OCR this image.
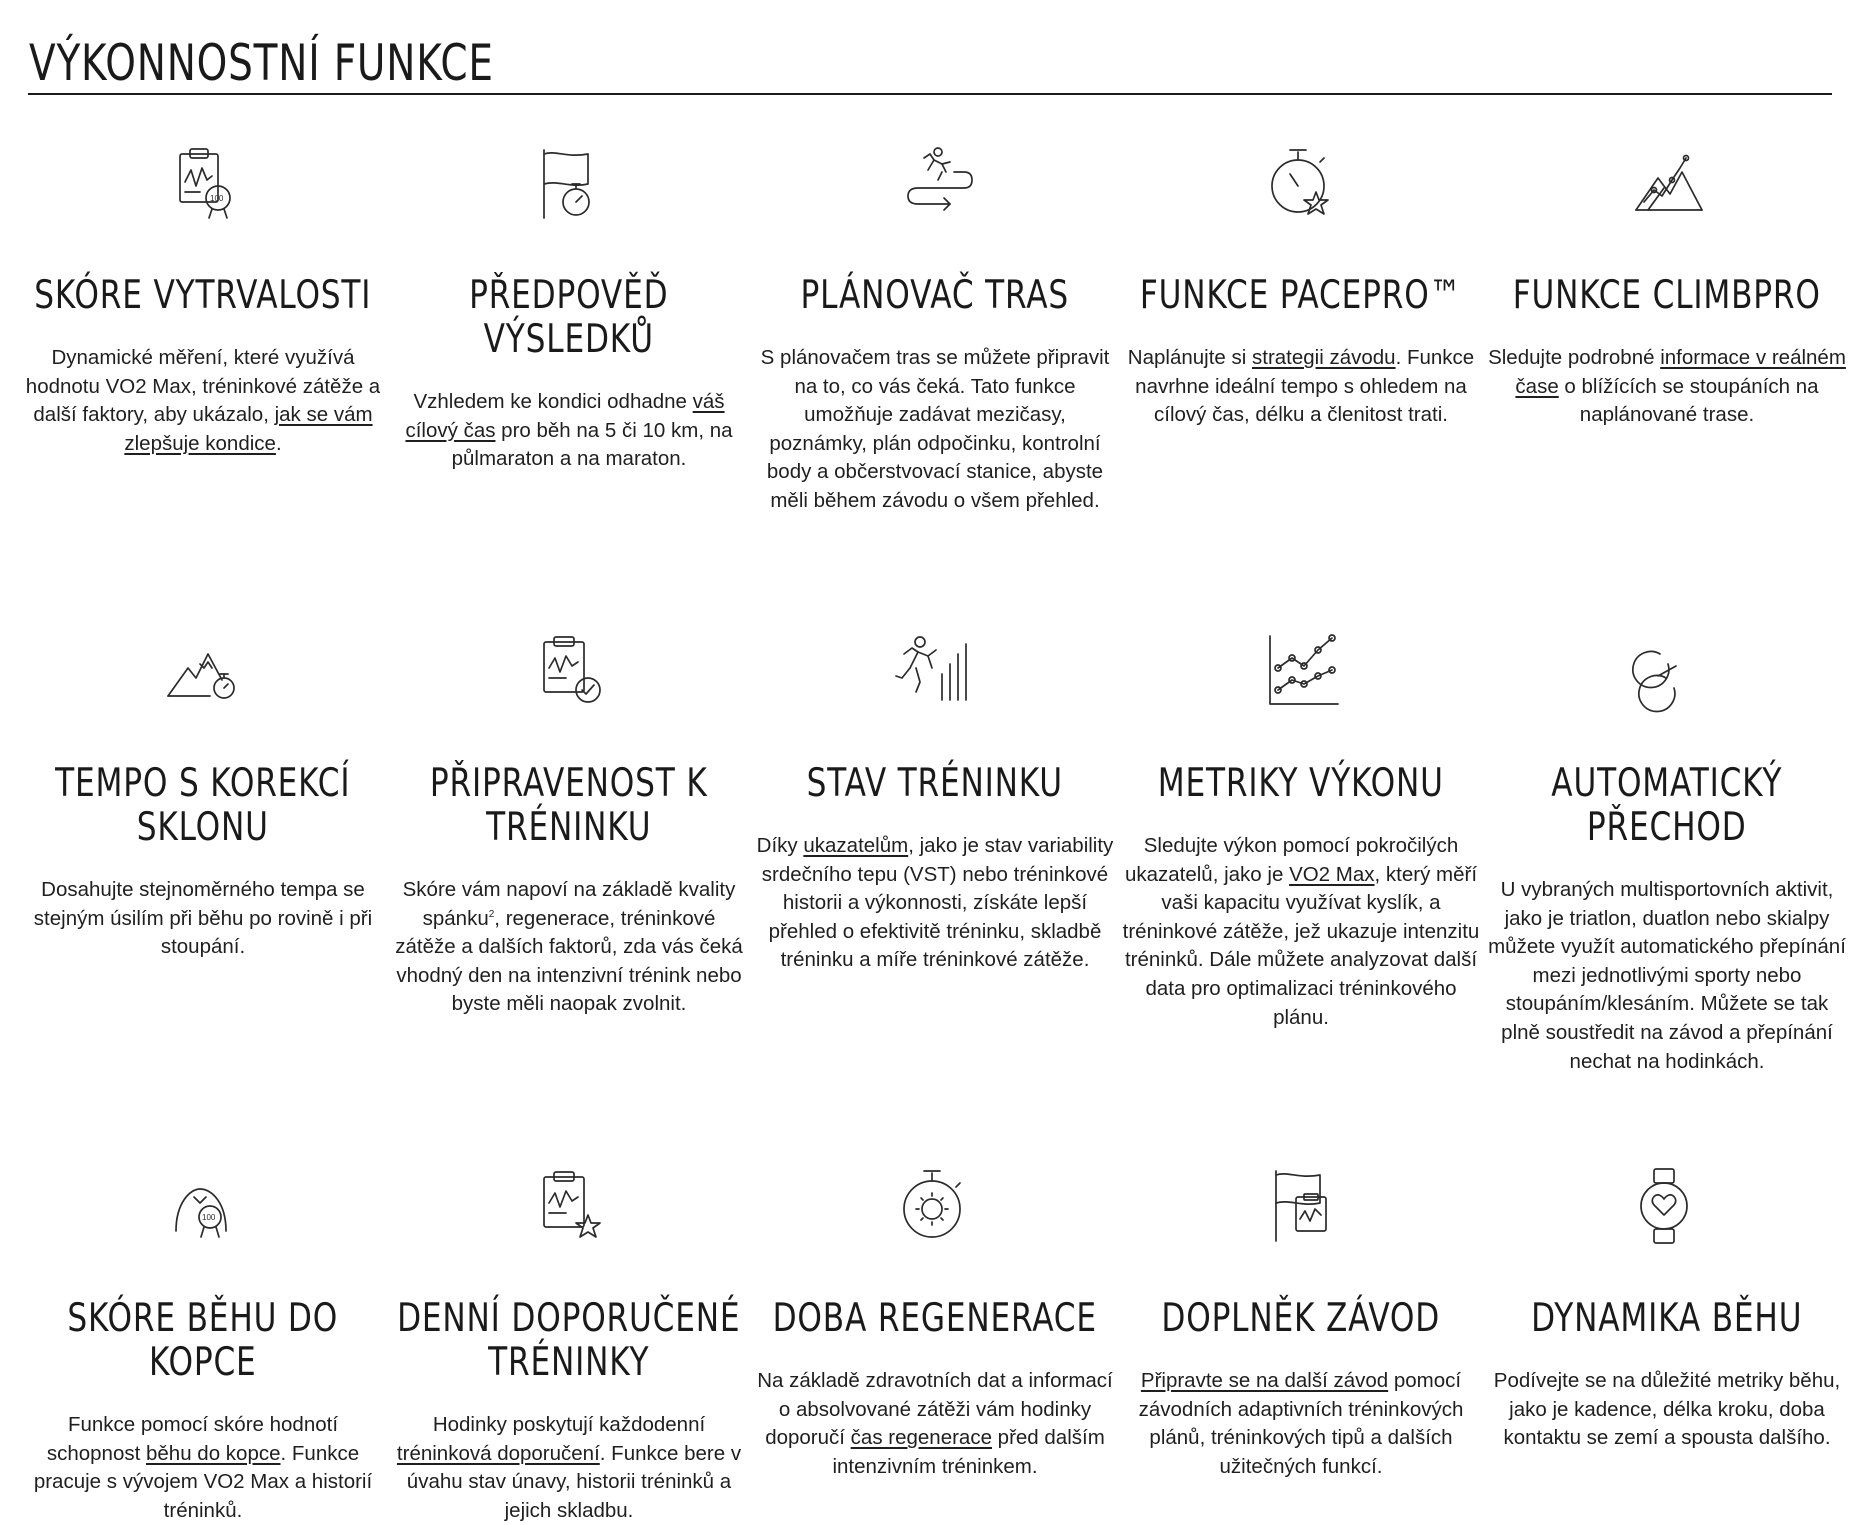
VÝKONNOSTNÍ FUNKCE
100
SKÓRE VYTRVALOSTI

Dynamické měření, které využívá hodnotu VO2 Max, tréninkové zátěže a další faktory, aby ukázalo, jak se vám zlepšuje kondice.

PŘEDPOVĚĎ VÝSLEDKŮ

Vzhledem ke kondici odhadne váš cílový čas pro běh na 5 či 10 km, na půlmaraton a na maraton.

PLÁNOVAČ TRAS

S plánovačem tras se můžete připravit na to, co vás čeká. Tato funkce umožňuje zadávat mezičasy, poznámky, plán odpočinku, kontrolní body a občerstvovací stanice, abyste měli během závodu o všem přehled.

FUNKCE PACEPRO™

Naplánujte si strategii závodu. Funkce navrhne ideální tempo s ohledem na cílový čas, délku a členitost trati.

FUNKCE CLIMBPRO

Sledujte podrobné informace v reálném čase o blížících se stoupáních na naplánované trase.

TEMPO S KOREKCÍ SKLONU

Dosahujte stejnoměrného tempa se stejným úsilím při běhu po rovině i při stoupání.

PŘIPRAVENOST K TRÉNINKU

Skóre vám napoví na základě kvality spánku$^2$, regenerace, tréninkové zátěže a dalších faktorů, zda vás čeká vhodný den na intenzivní trénink nebo byste měli naopak zvolnit.

STAV TRÉNINKU

Díky ukazatelům, jako je stav variability srdečního tepu (VST) nebo tréninkové historii a výkonnosti, získáte lepší přehled o efektivitě tréninku, skladbě tréninku a míře tréninkové zátěže.

METRIKY VÝKONU

Sledujte výkon pomocí pokročilých ukazatelů, jako je VO2 Max, který měří vaši kapacitu využívat kyslík, a tréninkové zátěže, jež ukazuje intenzitu tréninků. Dále můžete analyzovat další data pro optimalizaci tréninkového plánu.

AUTOMATICKÝ PŘECHOD

U vybraných multisportovních aktivit, jako je triatlon, duatlon nebo skialpy můžete využít automatického přepínání mezi jednotlivými sporty nebo stoupáním/klesáním. Můžete se tak plně soustředit na závod a přepínání nechat na hodinkách.

100
SKÓRE BĚHU DO KOPCE

Funkce pomocí skóre hodnotí schopnost běhu do kopce. Funkce pracuje s vývojem VO2 Max a historií tréninků.

DENNÍ DOPORUČENÉ TRÉNINKY

Hodinky poskytují každodenní tréninková doporučení. Funkce bere v úvahu stav únavy, historii tréninků a jejich skladbu.

DOBA REGENERACE

Na základě zdravotních dat a informací o absolvované zátěži vám hodinky doporučí čas regenerace před dalším intenzivním tréninkem.

DOPLNĚK ZÁVOD

Připravte se na další závod pomocí závodních adaptivních tréninkových plánů, tréninkových tipů a dalších užitečných funkcí.

DYNAMIKA BĚHU

Podívejte se na důležité metriky běhu, jako je kadence, délka kroku, doba kontaktu se zemí a spousta dalšího.
